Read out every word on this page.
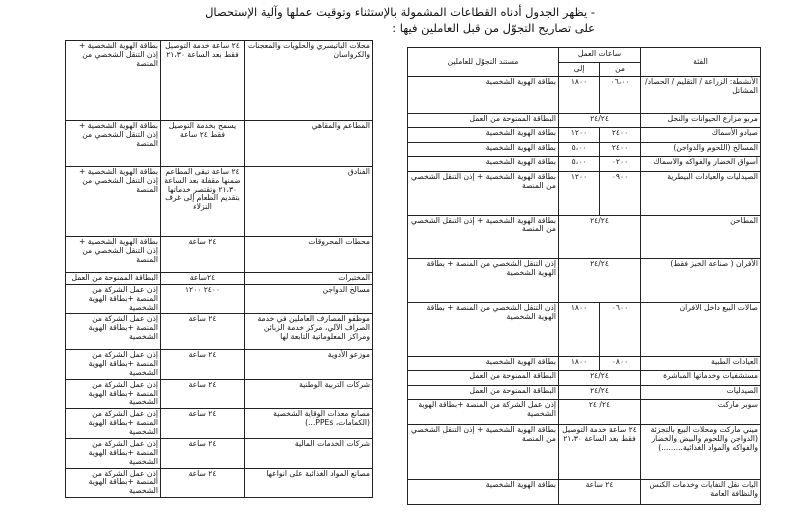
- يظهر الجدول أدناه القطاعات المشمولة بالإستثناء وتوقيت عملها وآلية الإستحصال
على تصاريح التجوّل من قبل العاملين فيها :
الفئة	ساعات العمل		مستند التجوّل للعاملين
	من	إلى	
الأنشطة: الزراعة / التقليم / الحصاد/ المشاتل	٠٦،٠٠	١٨٠٠	بطاقة الهوية الشخصية
مربو مزارع الحيوانات والنحل	٢٤/٢٤		البطاقة الممنوحة من العمل
صيادو الأسماك	٢٤٠٠	١٢٠٠	بطاقة الهوية الشخصية
المسالخ (اللحوم والدواجن)	٢٤٠٠	٥،٠٠	بطاقة الهوية الشخصية
أسواق الخضار والفواكه والاسماك	٠٢٠٠	٥،٠٠	بطاقة الهوية الشخصية
الصيدليات والعيادات البيطرية	٠٩٠٠	١٢٠٠	بطاقة الهوية الشخصية + إذن التنقل الشخصي من المنصة
المطاحن	٢٤/٢٤		بطاقة الهوية الشخصية + إذن التنقل الشخصي من المنصة
الأفران ( صناعة الخبز فقط)	٢٤/٢٤		إذن التنقل الشخصي من المنصة + بطاقة الهوية الشخصية
صالات البيع داخل الافران	٠٦٠٠	١٨٠٠	إذن التنقل الشخصي من المنصة + بطاقة الهوية الشخصية
العيادات الطبية	٠٨٠٠	١٨٠٠	بطاقة الهوية الشخصية
مستشفيات وخدماتها المباشرة	٢٤/٢٤		البطاقة الممنوحة من العمل
الصيدليات	٢٤/٢٤		البطاقة الممنوحة من العمل
سوبر ماركت	٢٤/ ٢٤		إذن عمل الشركة من المنصة +بطاقة الهوية الشخصية
ميني ماركت ومحلات البيع بالتجزئة (الدواجن واللحوم والبيض والخضار والفواكه والمواد الغذائية.........)	٢٤ ساعة خدمة التوصيل فقط بعد الساعة ٢١،٣٠		بطاقة الهوية الشخصية + إذن التنقل الشخصي من المنصة
اليات نقل النفايات وخدمات الكنس والنظافة العامة	٢٤ ساعة		بطاقة الهوية الشخصية
محلات الباتيسري والحلويات والمعجنات والكرواسان	٢٤ ساعة خدمة التوصيل فقط بعد الساعة ٢١،٣٠	بطاقة الهوية الشخصية + إذن التنقل الشخصي من المنصة
المطاعم والمقاهي	يسمح بخدمة التوصيل فقط ٢٤ ساعة	بطاقة الهوية الشخصية + إذن التنقل الشخصي من المنصة
الفنادق	٢٤ ساعة تبقى المطاعم ضمنها مقفلة بعد الساعة ٢١،٣٠ وتقتصر خدماتها بتقديم الطعام إلى غرف النزلاء	بطاقة الهوية الشخصية + إذن التنقل الشخصي من المنصة
محطات المحروقات	٢٤ ساعة	بطاقة الهوية الشخصية + إذن التنقل الشخصي من المنصة
المختبرات	٢٤ساعة	البطاقة الممنوحة من العمل
مسالخ الدواجن	٢٤٠٠ ١٢٠٠	إذن عمل الشركة من المنصة +بطاقة الهوية الشخصية
موظفو المصارف العاملين في خدمة الصراف الآلي، مركز خدمة الزبائن ومراكز المعلوماتية التابعة لها	٢٤ ساعة	إذن عمل الشركة من المنصة +بطاقة الهوية الشخصية
موزعو الأدوية	٢٤ ساعة	إذن عمل الشركة من المنصة +بطاقة الهوية الشخصية
شركات التربية الوطنية	٢٤ ساعة	إذن عمل الشركة من المنصة +بطاقة الهوية الشخصية
مصانع معدات الوقاية الشخصية (الكمامات، PPEs...)	٢٤ ساعة	إذن عمل الشركة من المنصة +بطاقة الهوية الشخصية
شركات الخدمات المالية	٢٤ ساعة	إذن عمل الشركة من المنصة +بطاقة الهوية الشخصية
مصانع المواد الغذائية على انواعها	٢٤ ساعة	إذن عمل الشركة من المنصة +بطاقة الهوية الشخصية
